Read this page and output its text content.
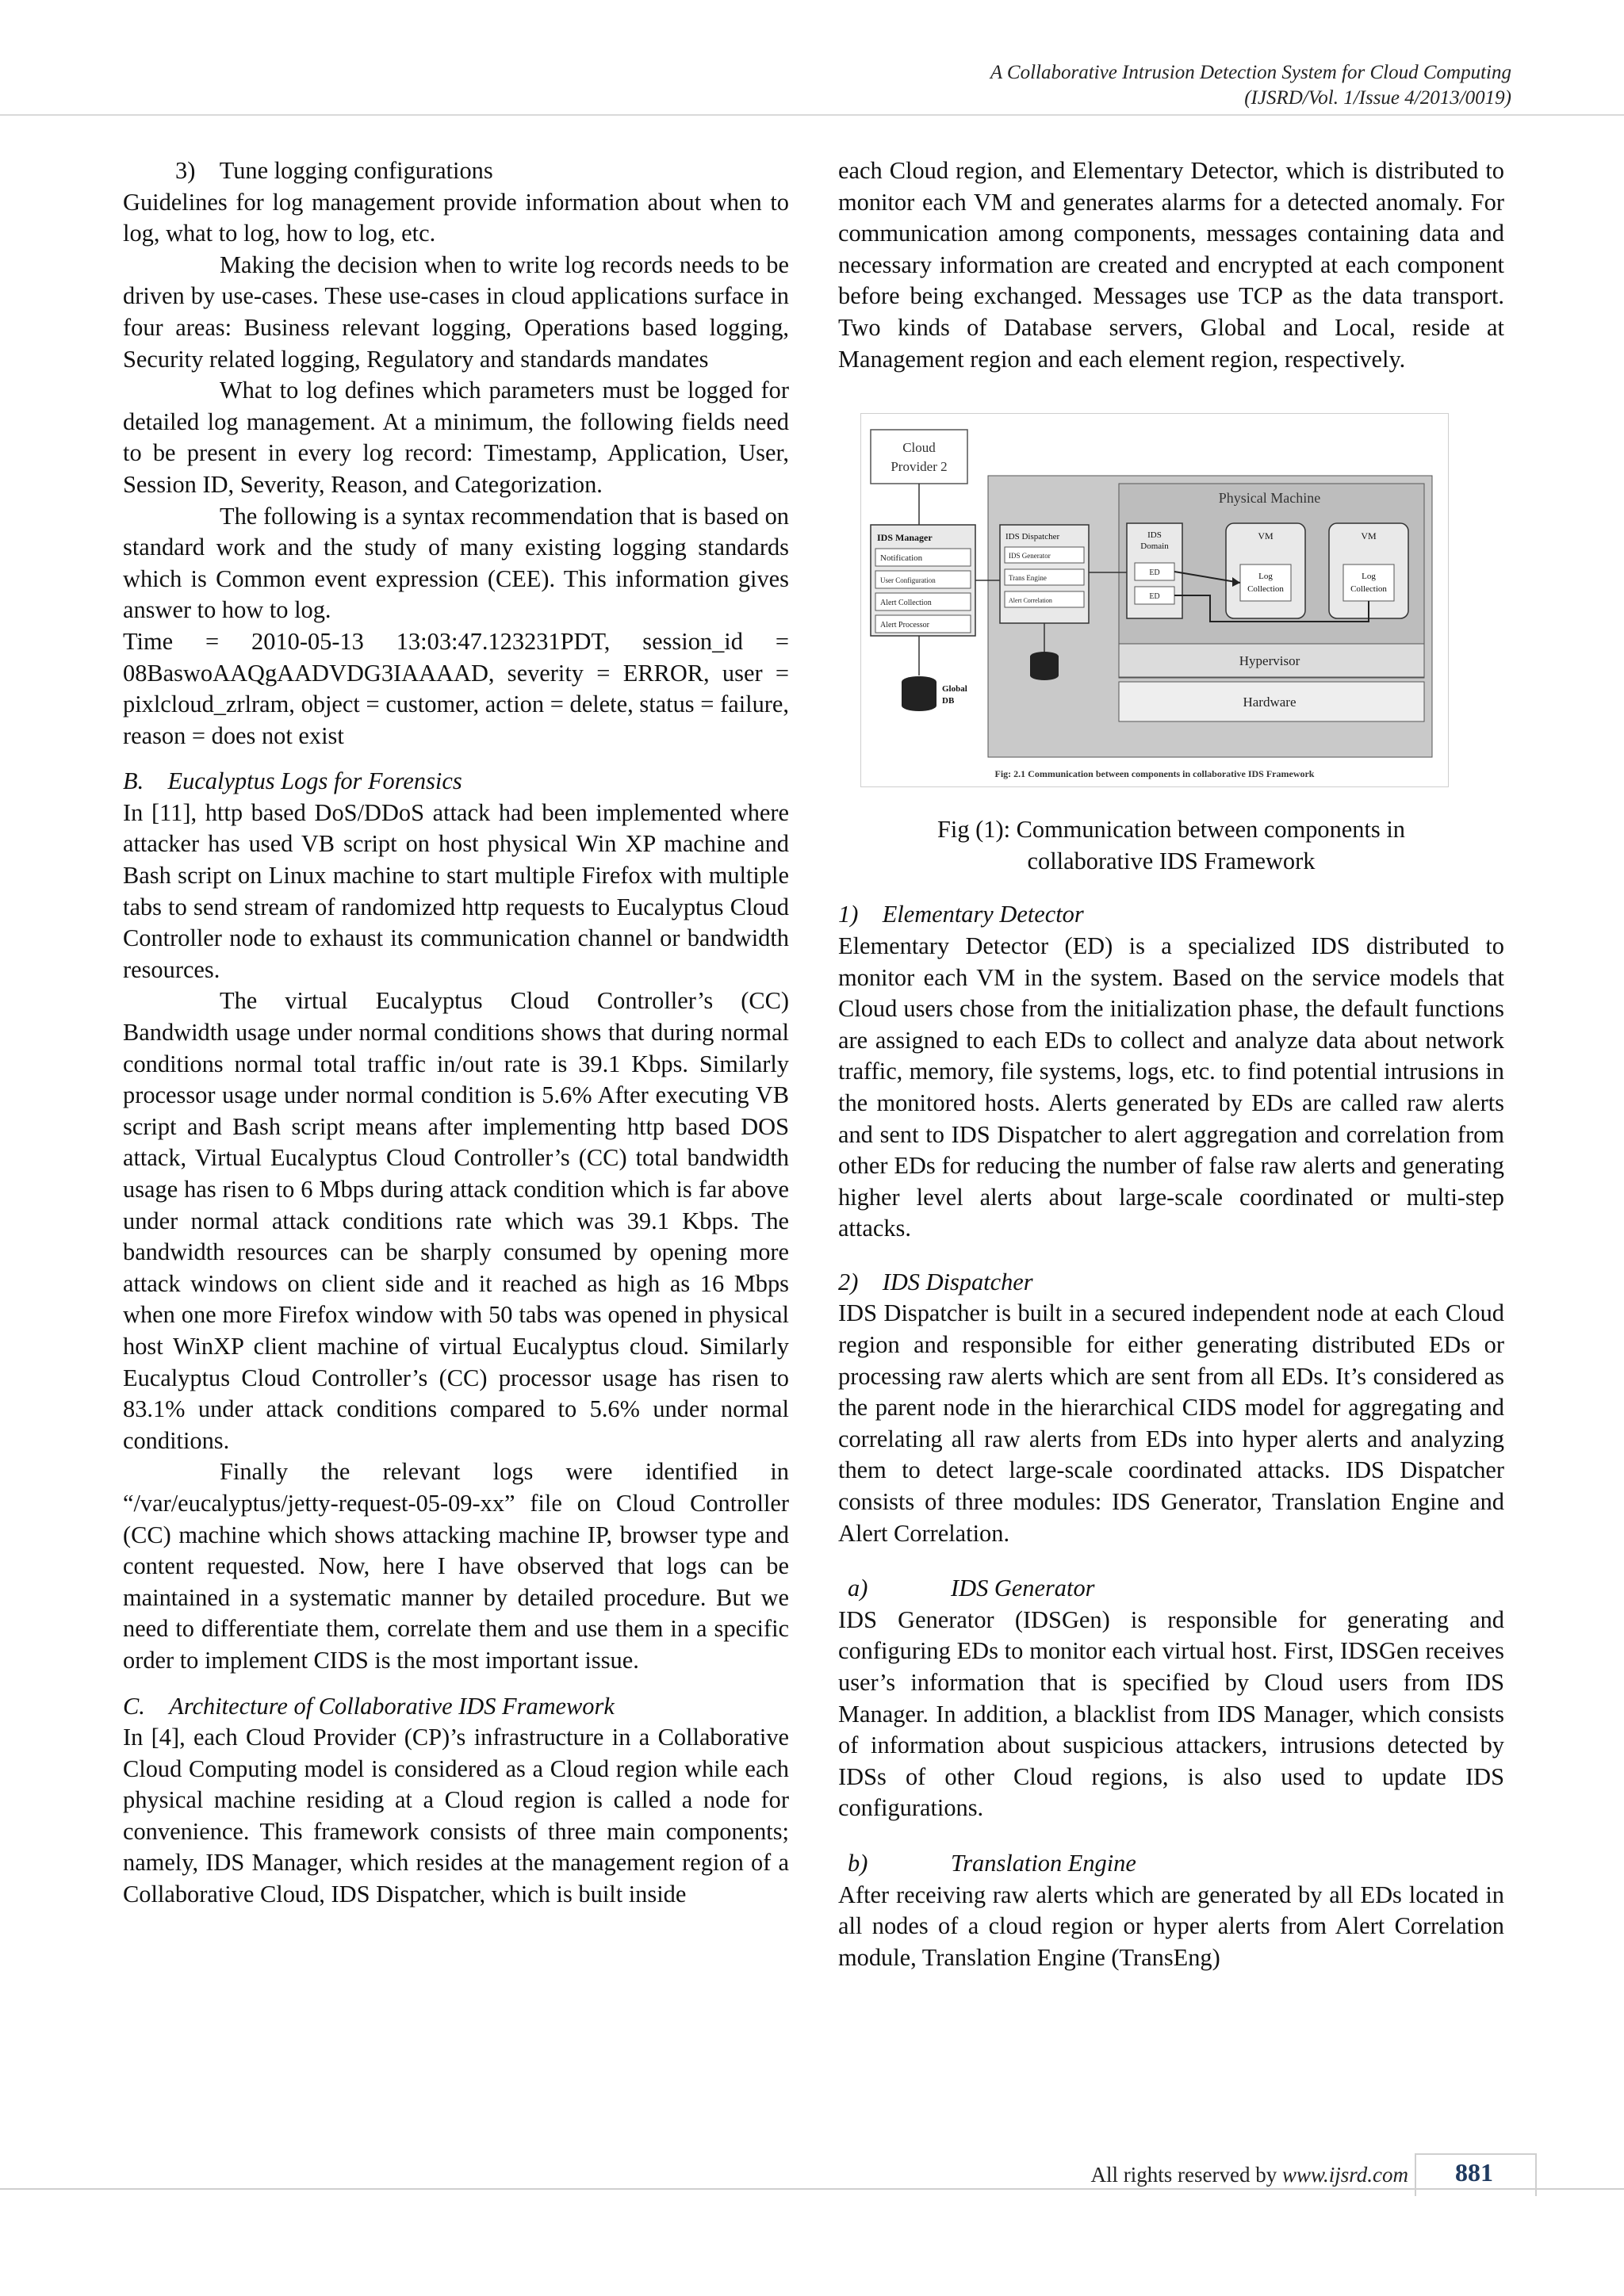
A Collaborative Intrusion Detection System for Cloud Computing
(IJSRD/Vol. 1/Issue 4/2013/0019)

3) Tune logging configurations

Guidelines for log management provide information about when to log, what to log, how to log, etc.

Making the decision when to write log records needs to be driven by use-cases. These use-cases in cloud applications surface in four areas: Business relevant logging, Operations based logging, Security related logging, Regulatory and standards mandates

What to log defines which parameters must be logged for detailed log management. At a minimum, the following fields need to be present in every log record: Timestamp, Application, User, Session ID, Severity, Reason, and Categorization.

The following is a syntax recommendation that is based on standard work and the study of many existing logging standards which is Common event expression (CEE). This information gives answer to how to log.

Time = 2010-05-13 13:03:47.123231PDT, session_id = 08BaswoAAQgAADVDG3IAAAAD, severity = ERROR, user = pixlcloud_zrlram, object = customer, action = delete, status = failure, reason = does not exist

B. Eucalyptus Logs for Forensics

In [11], http based DoS/DDoS attack had been implemented where attacker has used VB script on host physical Win XP machine and Bash script on Linux machine to start multiple Firefox with multiple tabs to send stream of randomized http requests to Eucalyptus Cloud Controller node to exhaust its communication channel or bandwidth resources.

The virtual Eucalyptus Cloud Controller’s (CC) Bandwidth usage under normal conditions shows that during normal conditions normal total traffic in/out rate is 39.1 Kbps. Similarly processor usage under normal condition is 5.6% After executing VB script and Bash script means after implementing http based DOS attack, Virtual Eucalyptus Cloud Controller’s (CC) total bandwidth usage has risen to 6 Mbps during attack condition which is far above under normal attack conditions rate which was 39.1 Kbps. The bandwidth resources can be sharply consumed by opening more attack windows on client side and it reached as high as 16 Mbps when one more Firefox window with 50 tabs was opened in physical host WinXP client machine of virtual Eucalyptus cloud. Similarly Eucalyptus Cloud Controller’s (CC) processor usage has risen to 83.1% under attack conditions compared to 5.6% under normal conditions.

Finally the relevant logs were identified in “/var/eucalyptus/jetty-request-05-09-xx” file on Cloud Controller (CC) machine which shows attacking machine IP, browser type and content requested. Now, here I have observed that logs can be maintained in a systematic manner by detailed procedure. But we need to differentiate them, correlate them and use them in a specific order to implement CIDS is the most important issue.

C. Architecture of Collaborative IDS Framework

In [4], each Cloud Provider (CP)’s infrastructure in a Collaborative Cloud Computing model is considered as a Cloud region while each physical machine residing at a Cloud region is called a node for convenience. This framework consists of three main components; namely, IDS Manager, which resides at the management region of a Collaborative Cloud, IDS Dispatcher, which is built inside

each Cloud region, and Elementary Detector, which is distributed to monitor each VM and generates alarms for a detected anomaly. For communication among components, messages containing data and necessary information are created and encrypted at each component before being exchanged. Messages use TCP as the data transport. Two kinds of Database servers, Global and Local, reside at Management region and each element region, respectively.

Cloud
Provider 2
IDS Manager
Notification
User Configuration
Alert Collection
Alert Processor
Global
DB
Physical Machine
IDS Dispatcher
IDS Generator
Trans Engine
Alert Correlation
IDS
Domain
ED
ED
VM
Log
Collection
VM
Log
Collection
Hypervisor
Hardware
Fig: 2.1 Communication between components in collaborative IDS Framework
Fig (1): Communication between components in
collaborative IDS Framework

1) Elementary Detector

Elementary Detector (ED) is a specialized IDS distributed to monitor each VM in the system. Based on the service models that Cloud users chose from the initialization phase, the default functions are assigned to each EDs to collect and analyze data about network traffic, memory, file systems, logs, etc. to find potential intrusions in the monitored hosts. Alerts generated by EDs are called raw alerts and sent to IDS Dispatcher to alert aggregation and correlation from other EDs for reducing the number of false raw alerts and generating higher level alerts about large-scale coordinated or multi-step attacks.

2) IDS Dispatcher

IDS Dispatcher is built in a secured independent node at each Cloud region and responsible for either generating distributed EDs or processing raw alerts which are sent from all EDs. It’s considered as the parent node in the hierarchical CIDS model for aggregating and correlating all raw alerts from EDs into hyper alerts and analyzing them to detect large-scale coordinated attacks. IDS Dispatcher consists of three modules: IDS Generator, Translation Engine and Alert Correlation.

a)	IDS Generator

IDS Generator (IDSGen) is responsible for generating and configuring EDs to monitor each virtual host. First, IDSGen receives user’s information that is specified by Cloud users from IDS Manager. In addition, a blacklist from IDS Manager, which consists of information about suspicious attackers, intrusions detected by IDSs of other Cloud regions, is also used to update IDS configurations.

b)	Translation Engine

After receiving raw alerts which are generated by all EDs located in all nodes of a cloud region or hyper alerts from Alert Correlation module, Translation Engine (TransEng)

All rights reserved by www.ijsrd.com	881
